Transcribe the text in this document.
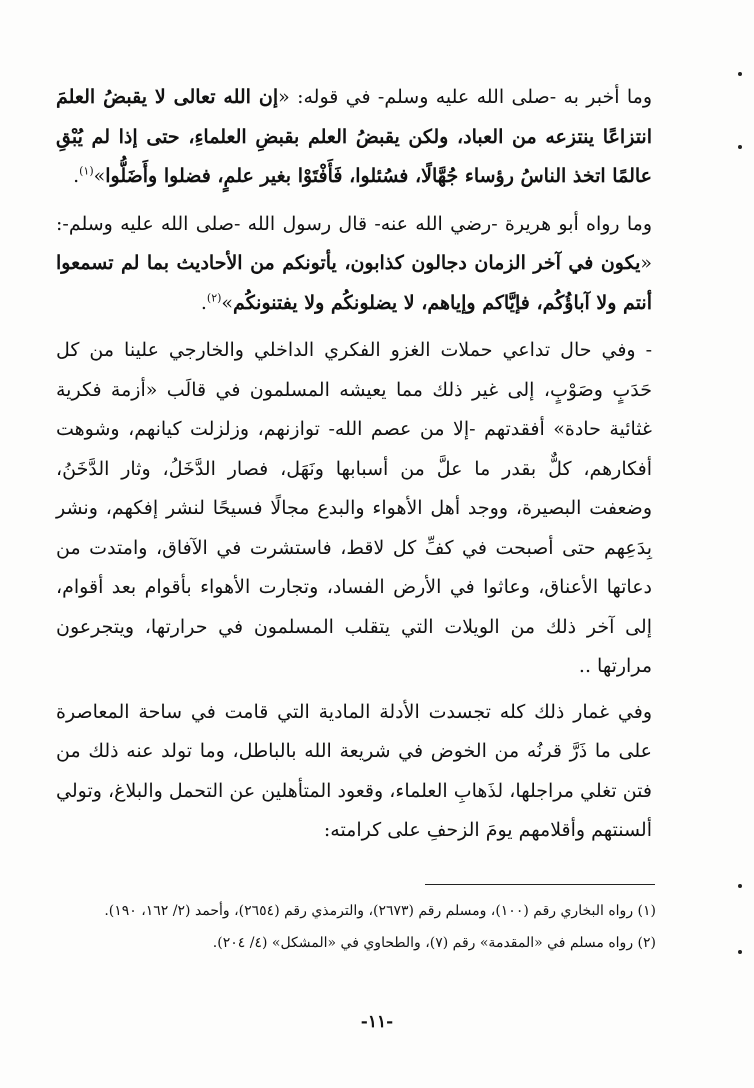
وما أخبر به -صلى الله عليه وسلم- في قوله: «إن الله تعالى لا يقبضُ العلمَ انتزاعًا ينتزعه من العباد، ولكن يقبضُ العلم بقبضِ العلماءِ، حتى إذا لم يُبْقِ عالمًا اتخذ الناسُ رؤساء جُهَّالًا، فسُئلوا، فَأَفْتَوْا بغير علمٍ، فضلوا وأَضَلُّوا»$^{(١)}$.

وما رواه أبو هريرة -رضي الله عنه- قال رسول الله -صلى الله عليه وسلم-: «يكون في آخر الزمان دجالون كذابون، يأتونكم من الأحاديث بما لم تسمعوا أنتم ولا آباؤُكُم، فإيَّاكم وإياهم، لا يضلونكُم ولا يفتنونكُم»$^{(٢)}$.

- وفي حال تداعي حملات الغزو الفكري الداخلي والخارجي علينا من كل حَدَبٍ وصَوْبٍ، إلى غير ذلك مما يعيشه المسلمون في قالَب «أزمة فكرية غثائية حادة» أفقدتهم -إلا من عصم الله- توازنهم، وزلزلت كيانهم، وشوهت أفكارهم، كلٌّ بقدر ما علَّ من أسبابها ونَهَل، فصار الدَّخَلُ، وثار الدَّخَنُ، وضعفت البصيرة، ووجد أهل الأهواء والبدع مجالًا فسيحًا لنشر إفكهم، ونشر بِدَعِهم حتى أصبحت في كفِّ كل لاقط، فاستشرت في الآفاق، وامتدت من دعاتها الأعناق، وعاثوا في الأرض الفساد، وتجارت الأهواء بأقوام بعد أقوام، إلى آخر ذلك من الويلات التي يتقلب المسلمون في حرارتها، ويتجرعون مرارتها ..

وفي غمار ذلك كله تجسدت الأدلة المادية التي قامت في ساحة المعاصرة على ما ذَرَّ قرنُه من الخوض في شريعة الله بالباطل، وما تولد عنه ذلك من فتن تغلي مراجلها، لذَهابِ العلماء، وقعود المتأهلين عن التحمل والبلاغ، وتولي ألسنتهم وأقلامهم يومَ الزحفِ على كرامته:

(١) رواه البخاري رقم (١٠٠)، ومسلم رقم (٢٦٧٣)، والترمذي رقم (٢٦٥٤)، وأحمد (٢/ ١٦٢، ١٩٠).

(٢) رواه مسلم في «المقدمة» رقم (٧)، والطحاوي في «المشكل» (٤/ ٢٠٤).

-١١-
